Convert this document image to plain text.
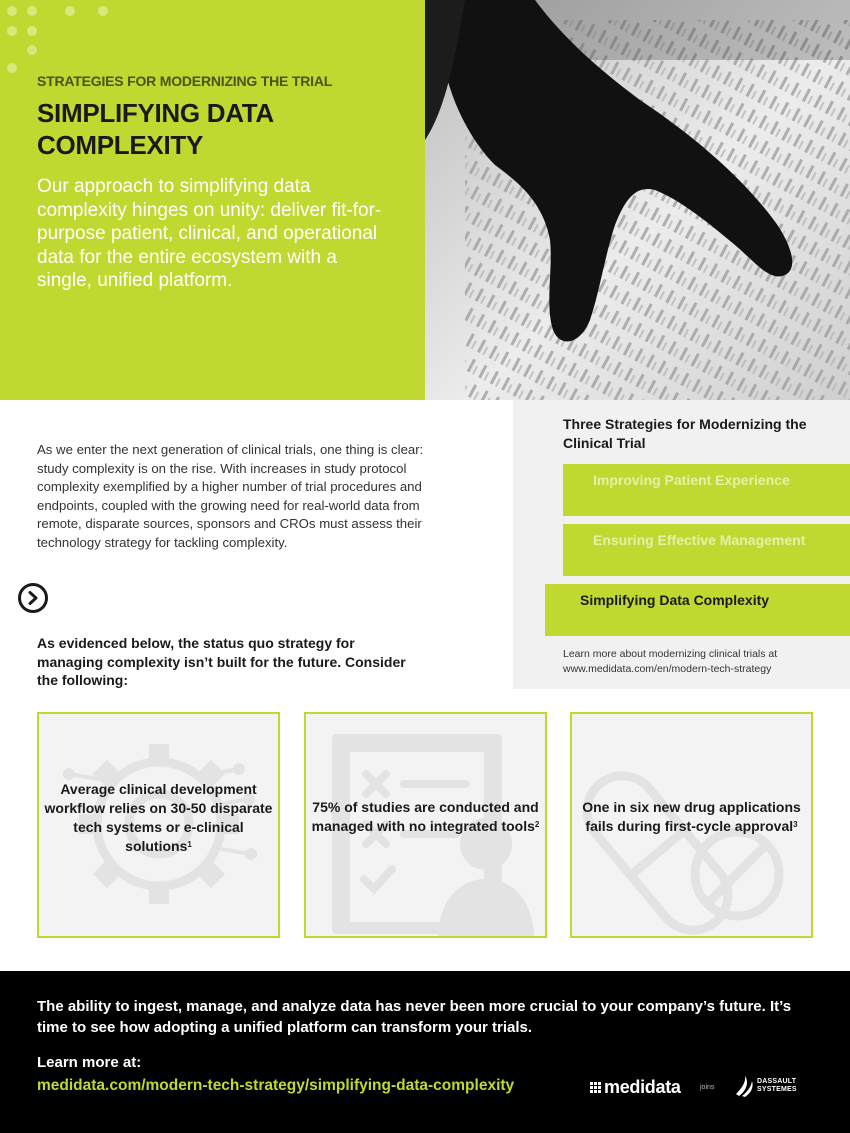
STRATEGIES FOR MODERNIZING THE TRIAL
SIMPLIFYING DATA
COMPLEXITY

Our approach to simplifying data complexity hinges on unity: deliver fit-for-purpose patient, clinical, and operational data for the entire ecosystem with a single, unified platform.

As we enter the next generation of clinical trials, one thing is clear: study complexity is on the rise. With increases in study protocol complexity exemplified by a higher number of trial procedures and endpoints, coupled with the growing need for real-world data from remote, disparate sources, sponsors and CROs must assess their technology strategy for tackling complexity.

As evidenced below, the status quo strategy for managing complexity isn’t built for the future. Consider the following:

Three Strategies for Modernizing the Clinical Trial
Improving Patient Experience
Ensuring Effective Management
Simplifying Data Complexity
Learn more about modernizing clinical trials at www.medidata.com/en/modern-tech-strategy
Average clinical development workflow relies on 30-50 disparate tech systems or e-clinical solutions$^1$
75% of studies are conducted and managed with no integrated tools$^2$
One in six new drug applications fails during first-cycle approval$^3$

The ability to ingest, manage, and analyze data has never been more crucial to your company’s future. It’s time to see how adopting a unified platform can transform your trials.

Learn more at:
medidata.com/modern-tech-strategy/simplifying-data-complexity	medidata	joins
DASSAULT
SYSTEMES
